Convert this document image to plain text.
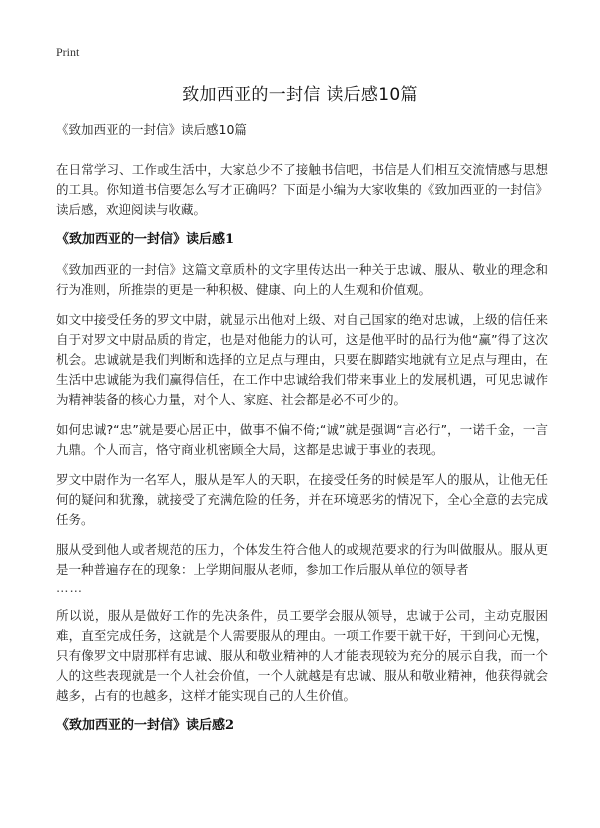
Print
致加西亚的一封信 读后感10篇

《致加西亚的一封信》读后感10篇

在日常学习、工作或生活中，大家总少不了接触书信吧，书信是人们相互交流情感与思想的工具。你知道书信要怎么写才正确吗？下面是小编为大家收集的《致加西亚的一封信》读后感，欢迎阅读与收藏。

《致加西亚的一封信》读后感1

《致加西亚的一封信》这篇文章质朴的文字里传达出一种关于忠诚、服从、敬业的理念和行为准则，所推崇的更是一种积极、健康、向上的人生观和价值观。

如文中接受任务的罗文中尉，就显示出他对上级、对自己国家的绝对忠诚，上级的信任来自于对罗文中尉品质的肯定，也是对他能力的认可，这是他平时的品行为他“赢”得了这次机会。忠诚就是我们判断和选择的立足点与理由，只要在脚踏实地就有立足点与理由，在生活中忠诚能为我们赢得信任，在工作中忠诚给我们带来事业上的发展机遇，可见忠诚作为精神装备的核心力量，对个人、家庭、社会都是必不可少的。

如何忠诚?“忠”就是要心居正中，做事不偏不倚;“诚”就是强调“言必行”，一诺千金，一言九鼎。个人而言，恪守商业机密顾全大局，这都是忠诚于事业的表现。

罗文中尉作为一名军人，服从是军人的天职，在接受任务的时候是军人的服从，让他无任何的疑问和犹豫，就接受了充满危险的任务，并在环境恶劣的情况下，全心全意的去完成任务。

服从受到他人或者规范的压力，个体发生符合他人的或规范要求的行为叫做服从。服从更是一种普遍存在的现象：上学期间服从老师，参加工作后服从单位的领导者
……

所以说，服从是做好工作的先决条件，员工要学会服从领导，忠诚于公司，主动克服困难，直至完成任务，这就是个人需要服从的理由。一项工作要干就干好，干到问心无愧，只有像罗文中尉那样有忠诚、服从和敬业精神的人才能表现较为充分的展示自我，而一个人的这些表现就是一个人社会价值，一个人就越是有忠诚、服从和敬业精神，他获得就会越多，占有的也越多，这样才能实现自己的人生价值。

《致加西亚的一封信》读后感2
